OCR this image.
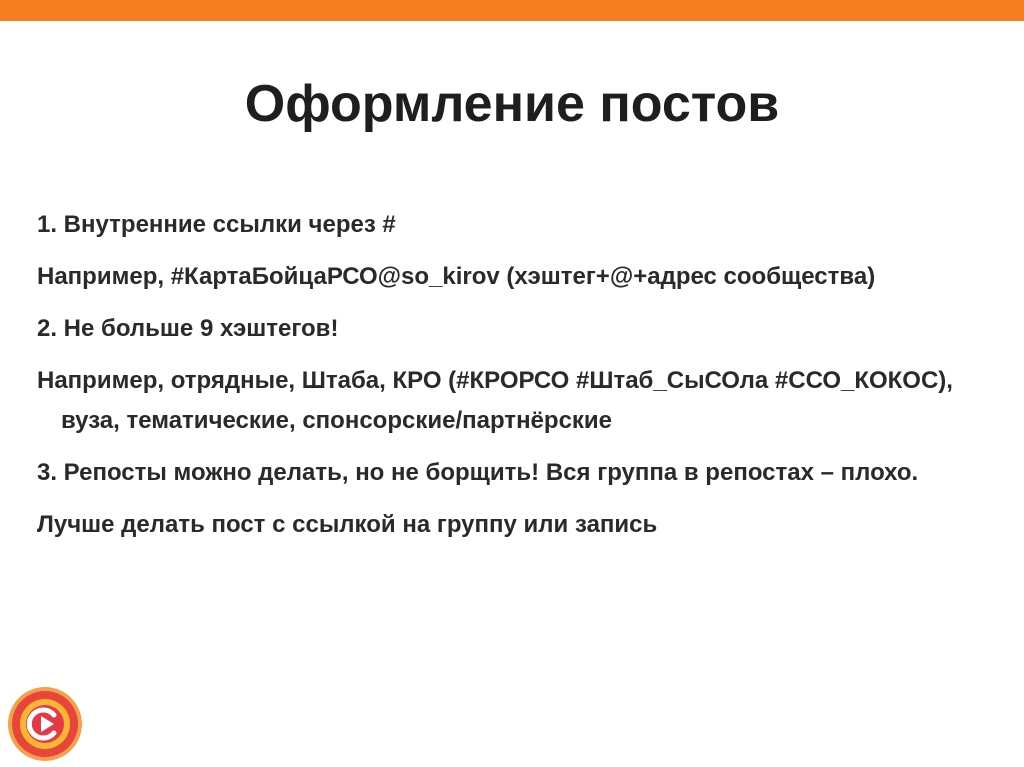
Оформление постов

1. Внутренние ссылки через #

Например, #КартаБойцаРСО@so_kirov (хэштег+@+адрес сообщества)

2. Не больше 9 хэштегов!

Например, отрядные, Штаба, КРО (#КРОРСО #Штаб_СыСОла #ССО_КОКОС), вуза, тематические, спонсорские/партнёрские

3. Репосты можно делать, но не борщить! Вся группа в репостах – плохо.

Лучше делать пост с ссылкой на группу или запись
